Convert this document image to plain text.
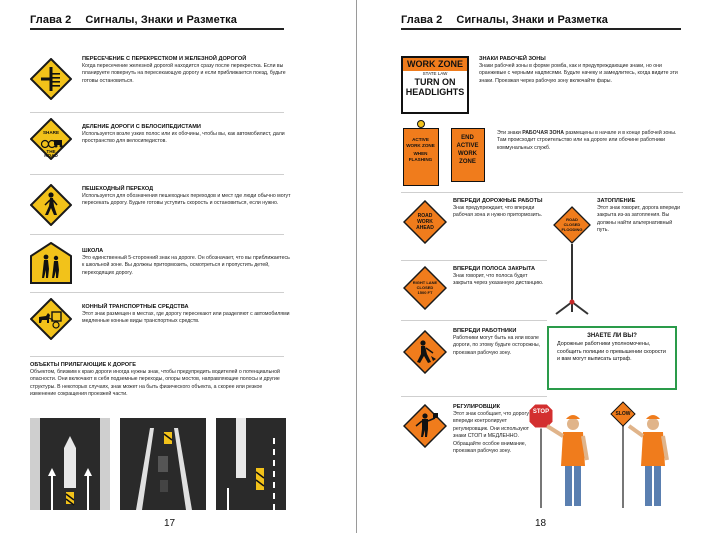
Глава 2 Сигналы, Знаки и Разметка
ПЕРЕСЕЧЕНИЕ С ПЕРЕКРЕСТКОМ И ЖЕЛЕЗНОЙ ДОРОГОЙ
Когда пересечение железной дорогой находится сразу после перекрестка. Если вы планируете повернуть на пересекающую дорогу и если приближается поезд, будьте готовы остановиться.
SHARE
THE
ROAD
ДЕЛЕНИЕ ДОРОГИ С ВЕЛОСИПЕДИСТАМИ
Используется возле узких полос или их обочины, чтобы вы, как автомобилист, дали пространство для велосипедистов.
ПЕШЕХОДНЫЙ ПЕРЕХОД
Используется для обозначения пешеходных переходов и мест где люди обычно могут пересекать дорогу. Будьте готовы уступить скорость и остановиться, если нужно.
ШКОЛА
Это единственный 5-сторонний знак на дороге. Он обозначает, что вы приближаетесь к школьной зоне. Вы должны притормозить, осмотреться и пропустить детей, переходящих дорогу.
КОННЫЙ ТРАНСПОРТНЫЕ СРЕДСТВА
Этот знак размещен в местах, где дорогу пересекают или разделяют с автомобилями медленные конные виды транспортных средств.
ОБЪЕКТЫ ПРИЛЕГАЮЩИЕ К ДОРОГЕ
Объектом, близким к краю дороги иногда нужны знак, чтобы предупредить водителей о потенциальной опасности. Они включают в себя подземные переходы, опоры мостов, направляющие полосы и другие структуры. В некоторых случаях, знак может на быть физического объекта, а скорее или резкое изменение сокращения проезжей части.
17
Глава 2 Сигналы, Знаки и Разметка
WORK ZONE
STATE LAW
TURN ON
HEADLIGHTS
ЗНАКИ РАБОЧЕЙ ЗОНЫ
Знаки рабочей зоны в форме ромба, как и предупреждающие знаки, но они оранжевые с черными надписями. Будьте начеку и замедлитесь, когда видите эти знаки. Проезжая через рабочую зону включайте фары.
ACTIVE
WORK ZONE
WHEN
FLASHING
END
ACTIVE
WORK
ZONE
Эти знаки РАБОЧАЯ ЗОНА размещены в начале и в конце рабочей зоны. Там происходит строительство или на дороге или обочине работники коммунальных служб.
ROAD
WORK
AHEAD
ВПЕРЕДИ ДОРОЖНЫЕ РАБОТЫ
Знак предупреждает, что впереди рабочая зона и нужно притормозить.
ROAD
CLOSED
FLOODING
ЗАТОПЛЕНИЕ
Этот знак говорит, дорога впереди закрыта из-за затопления. Вы должны найти альтернативный путь.
RIGHT LANE
CLOSED
1500 FT
ВПЕРЕДИ ПОЛОСА ЗАКРЫТА
Знак говорит, что полоса будет закрыта через указанную дистанцию.
ВПЕРЕДИ РАБОТНИКИ
Работники могут быть на или возле дороги, по этому будьте осторожны, проезжая рабочую зону.
ЗНАЕТЕ ЛИ ВЫ?
Дорожные работники уполномочены, сообщить полиции о превышении скорости и вам могут выписать штраф.
РЕГУЛИРОВЩИК
Этот знак сообщает, что дорогу впереди контролирует регулировщик. Они используют знаки СТОП и МЕДЛЕННО. Обращайте особое внимание, проезжая рабочую зону.
STOP	SLOW
18
